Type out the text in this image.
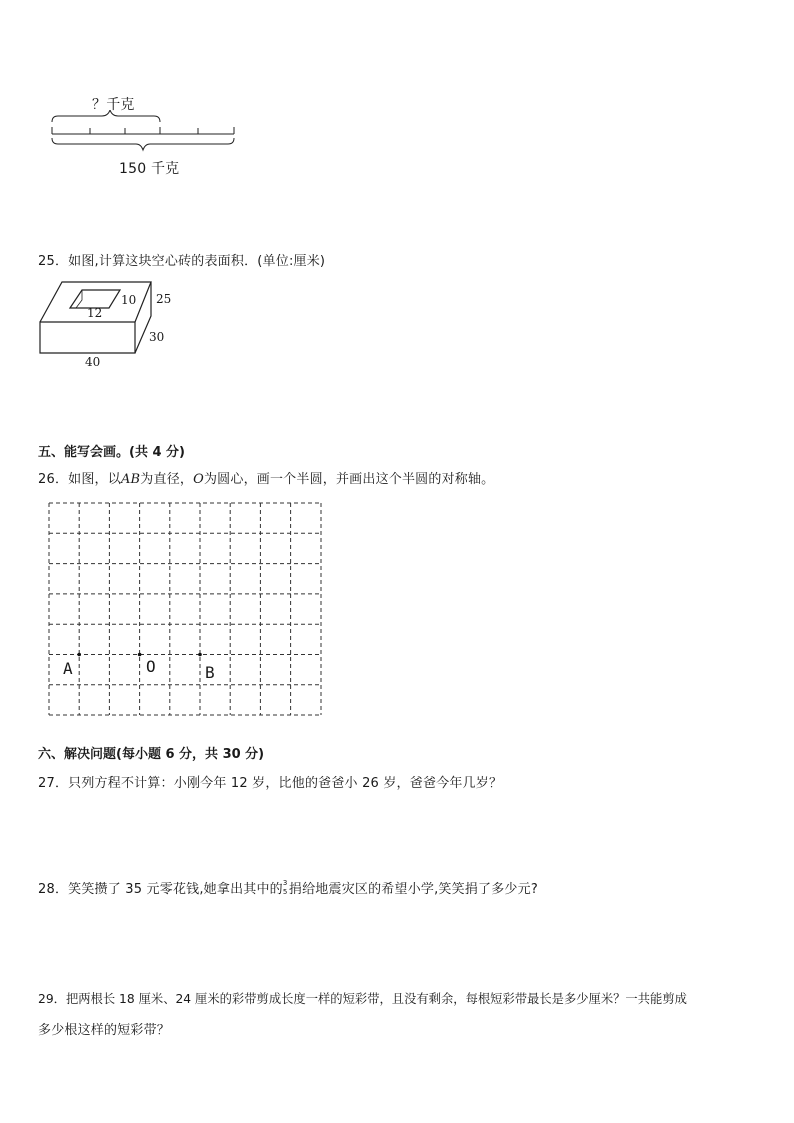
？千克
150 千克
25．如图,计算这块空心砖的表面积．(单位:厘米)
12
10 25
30
40
五、能写会画。(共 4 分)
26．如图，以AB为直径，O为圆心，画一个半圆，并画出这个半圆的对称轴。
A	O	B
六、解决问题(每小题 6 分，共 30 分)
27．只列方程不计算：小刚今年 12 岁，比他的爸爸小 26 岁，爸爸今年几岁？
28．笑笑攒了 35 元零花钱,她拿出其中的 3
5 捐给地震灾区的希望小学,笑笑捐了多少元?
29．把两根长 18 厘米、24 厘米的彩带剪成长度一样的短彩带，且没有剩余，每根短彩带最长是多少厘米？一共能剪成
多少根这样的短彩带？
